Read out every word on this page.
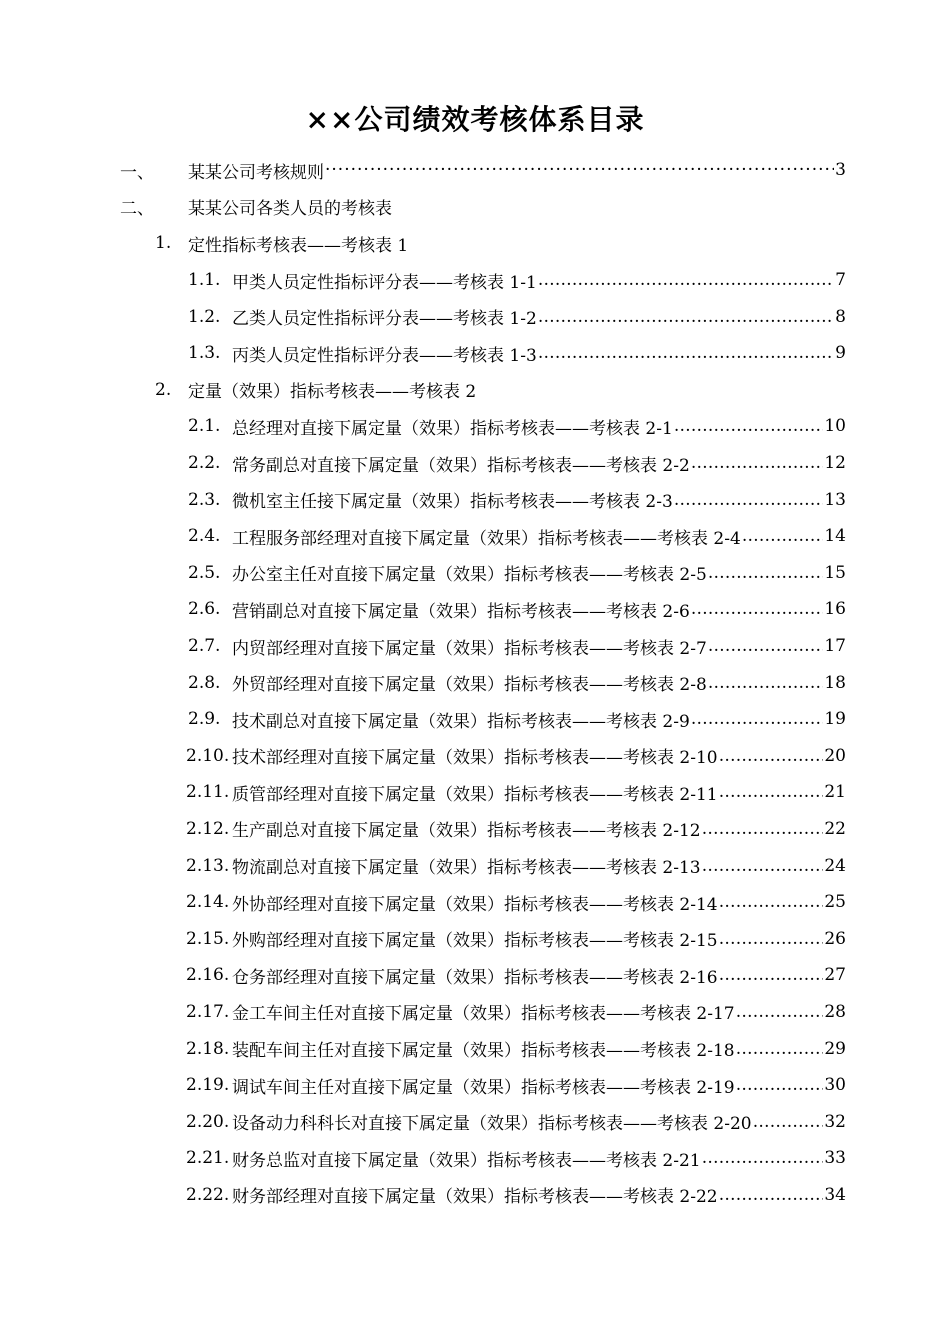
××公司绩效考核体系目录
一、 某某公司考核规则 ·····	3
二、 某某公司各类人员的考核表
1. 定性指标考核表——考核表 1
1.1. 甲类人员定性指标评分表——考核表 1-1 …………………………………………………………………………………………………………	7
1.2. 乙类人员定性指标评分表——考核表 1-2 …………………………………………………………………………………………………………	8
1.3. 丙类人员定性指标评分表——考核表 1-3 …………………………………………………………………………………………………………	9
2. 定量（效果）指标考核表——考核表 2
2.1. 总经理对直接下属定量（效果）指标考核表——考核表 2-1 …………………………………………………………………………………………………………	10
2.2. 常务副总对直接下属定量（效果）指标考核表——考核表 2-2 …………………………………………………………………………………………………………	12
2.3. 微机室主任接下属定量（效果）指标考核表——考核表 2-3 …………………………………………………………………………………………………………	13
2.4. 工程服务部经理对直接下属定量（效果）指标考核表——考核表 2-4 …………………………………………………………………………………………………………	14
2.5. 办公室主任对直接下属定量（效果）指标考核表——考核表 2-5 …………………………………………………………………………………………………………	15
2.6. 营销副总对直接下属定量（效果）指标考核表——考核表 2-6 …………………………………………………………………………………………………………	16
2.7. 内贸部经理对直接下属定量（效果）指标考核表——考核表 2-7 …………………………………………………………………………………………………………	17
2.8. 外贸部经理对直接下属定量（效果）指标考核表——考核表 2-8 …………………………………………………………………………………………………………	18
2.9. 技术副总对直接下属定量（效果）指标考核表——考核表 2-9 …………………………………………………………………………………………………………	19
2.10. 技术部经理对直接下属定量（效果）指标考核表——考核表 2-10 …………………………………………………………………………………………………………	20
2.11. 质管部经理对直接下属定量（效果）指标考核表——考核表 2-11 …………………………………………………………………………………………………………	21
2.12. 生产副总对直接下属定量（效果）指标考核表——考核表 2-12 …………………………………………………………………………………………………………	22
2.13. 物流副总对直接下属定量（效果）指标考核表——考核表 2-13 …………………………………………………………………………………………………………	24
2.14. 外协部经理对直接下属定量（效果）指标考核表——考核表 2-14 …………………………………………………………………………………………………………	25
2.15. 外购部经理对直接下属定量（效果）指标考核表——考核表 2-15 …………………………………………………………………………………………………………	26
2.16. 仓务部经理对直接下属定量（效果）指标考核表——考核表 2-16 …………………………………………………………………………………………………………	27
2.17. 金工车间主任对直接下属定量（效果）指标考核表——考核表 2-17 …………………………………………………………………………………………………………	28
2.18. 装配车间主任对直接下属定量（效果）指标考核表——考核表 2-18 …………………………………………………………………………………………………………	29
2.19. 调试车间主任对直接下属定量（效果）指标考核表——考核表 2-19 …………………………………………………………………………………………………………	30
2.20. 设备动力科科长对直接下属定量（效果）指标考核表——考核表 2-20 …………………………………………………………………………………………………………	32
2.21. 财务总监对直接下属定量（效果）指标考核表——考核表 2-21 …………………………………………………………………………………………………………	33
2.22. 财务部经理对直接下属定量（效果）指标考核表——考核表 2-22 …………………………………………………………………………………………………………	34
